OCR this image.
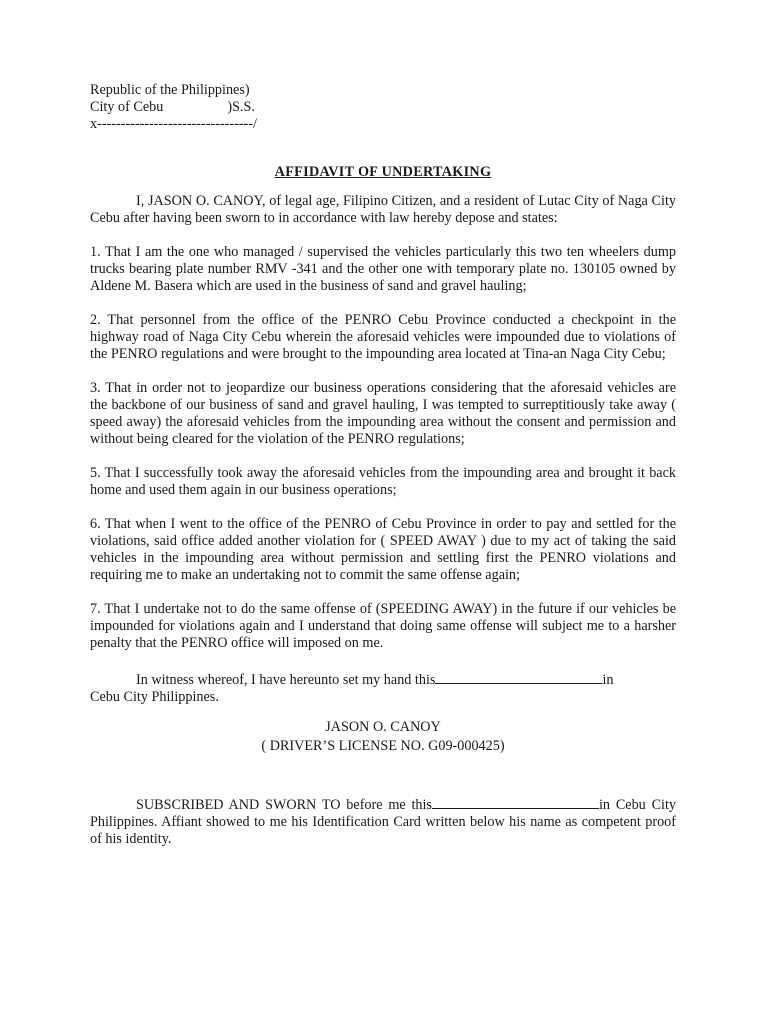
Republic of the Philippines)
City of Cebu	)S.S.
x---------------------------------/
AFFIDAVIT OF UNDERTAKING

I, JASON O. CANOY, of legal age, Filipino Citizen, and a resident of Lutac City of Naga City Cebu after having been sworn to in accordance with law hereby depose and states:

1. That I am the one who managed / supervised the vehicles particularly this two ten wheelers dump trucks bearing plate number RMV -341 and the other one with temporary plate no. 130105 owned by Aldene M. Basera which are used in the business of sand and gravel hauling;

2. That personnel from the office of the PENRO Cebu Province conducted a checkpoint in the highway road of Naga City Cebu wherein the aforesaid vehicles were impounded due to violations of the PENRO regulations and were brought to the impounding area located at Tina-an Naga City Cebu;

3. That in order not to jeopardize our business operations considering that the aforesaid vehicles are the backbone of our business of sand and gravel hauling, I was tempted to surreptitiously take away ( speed away) the aforesaid vehicles from the impounding area without the consent and permission and without being cleared for the violation of the PENRO regulations;

5. That I successfully took away the aforesaid vehicles from the impounding area and brought it back home and used them again in our business operations;

6. That when I went to the office of the PENRO of Cebu Province in order to pay and settled for the violations, said office added another violation for ( SPEED AWAY ) due to my act of taking the said vehicles in the impounding area without permission and settling first the PENRO violations and requiring me to make an undertaking not to commit the same offense again;

7. That I undertake not to do the same offense of (SPEEDING AWAY) in the future if our vehicles be impounded for violations again and I understand that doing same offense will subject me to a harsher penalty that the PENRO office will imposed on me.

In witness whereof, I have hereunto set my hand this	in
Cebu City Philippines.

JASON O. CANOY
( DRIVER’S LICENSE NO. G09-000425)

SUBSCRIBED AND SWORN TO before me this	in Cebu City Philippines. Affiant showed to me his Identification Card written below his name as competent proof of his identity.
